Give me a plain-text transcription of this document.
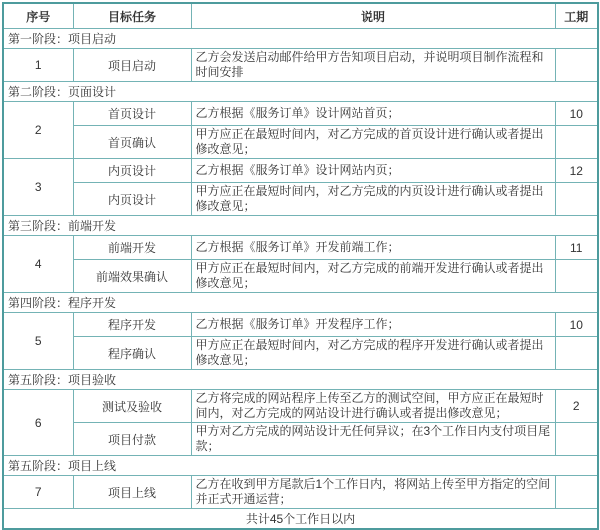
序号	目标任务	说明	工期
第一阶段：项目启动			
1	项目启动	乙方会发送启动邮件给甲方告知项目启动，并说明项目制作流程和时间安排	
第二阶段：页面设计			
2	首页设计	乙方根据《服务订单》设计网站首页；	10
	首页确认	甲方应正在最短时间内，对乙方完成的首页设计进行确认或者提出修改意见；	
3	内页设计	乙方根据《服务订单》设计网站内页；	12
	内页设计	甲方应正在最短时间内，对乙方完成的内页设计进行确认或者提出修改意见；	
第三阶段：前端开发			
4	前端开发	乙方根据《服务订单》开发前端工作；	11
	前端效果确认	甲方应正在最短时间内，对乙方完成的前端开发进行确认或者提出修改意见；	
第四阶段：程序开发			
5	程序开发	乙方根据《服务订单》开发程序工作；	10
	程序确认	甲方应正在最短时间内，对乙方完成的程序开发进行确认或者提出修改意见；	
第五阶段：项目验收			
6	测试及验收	乙方将完成的网站程序上传至乙方的测试空间，甲方应正在最短时间内，对乙方完成的网站设计进行确认或者提出修改意见；	2
	项目付款	甲方对乙方完成的网站设计无任何异议；在3个工作日内支付项目尾款；	
第五阶段：项目上线			
7	项目上线	乙方在收到甲方尾款后1个工作日内，将网站上传至甲方指定的空间并正式开通运营；	
共计45个工作日以内			
